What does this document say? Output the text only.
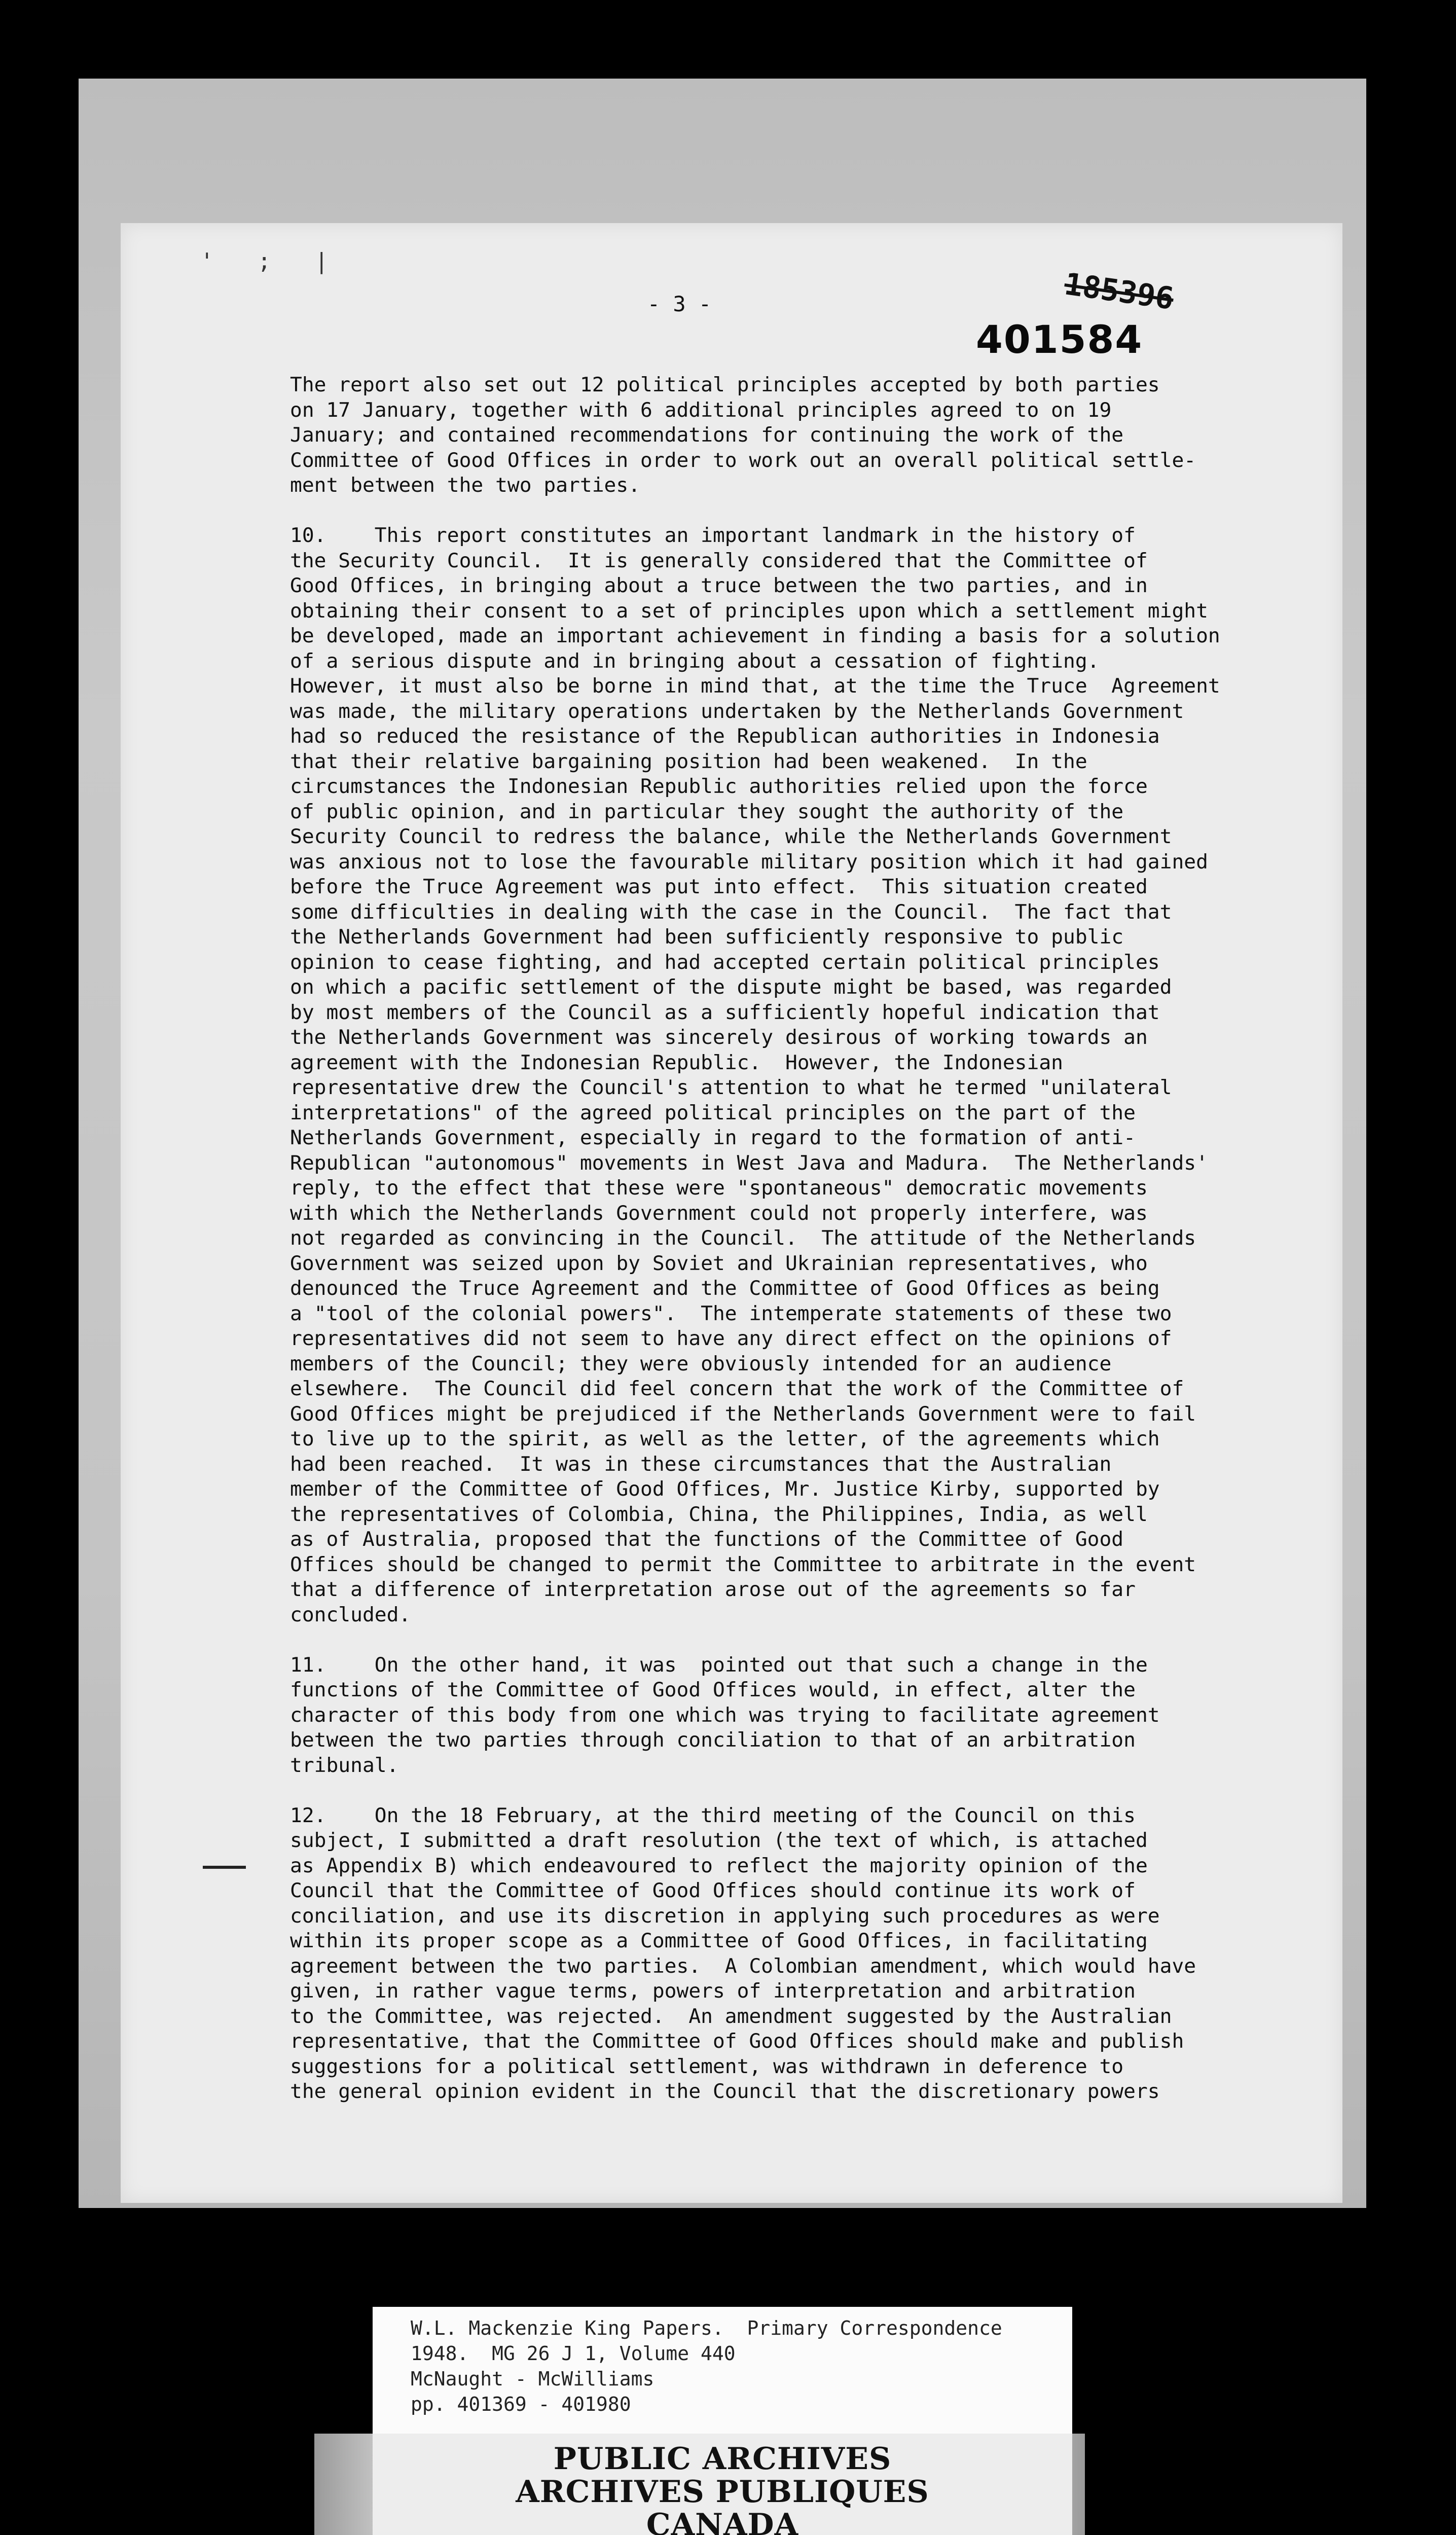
' ; |
- 3 -	185396
401584
The report also set out 12 political principles accepted by both parties
on 17 January, together with 6 additional principles agreed to on 19
January; and contained recommendations for continuing the work of the
Committee of Good Offices in order to work out an overall political settle-
ment between the two parties.
10.    This report constitutes an important landmark in the history of
the Security Council.  It is generally considered that the Committee of
Good Offices, in bringing about a truce between the two parties, and in
obtaining their consent to a set of principles upon which a settlement might
be developed, made an important achievement in finding a basis for a solution
of a serious dispute and in bringing about a cessation of fighting.
However, it must also be borne in mind that, at the time the Truce  Agreement
was made, the military operations undertaken by the Netherlands Government
had so reduced the resistance of the Republican authorities in Indonesia
that their relative bargaining position had been weakened.  In the
circumstances the Indonesian Republic authorities relied upon the force
of public opinion, and in particular they sought the authority of the
Security Council to redress the balance, while the Netherlands Government
was anxious not to lose the favourable military position which it had gained
before the Truce Agreement was put into effect.  This situation created
some difficulties in dealing with the case in the Council.  The fact that
the Netherlands Government had been sufficiently responsive to public
opinion to cease fighting, and had accepted certain political principles
on which a pacific settlement of the dispute might be based, was regarded
by most members of the Council as a sufficiently hopeful indication that
the Netherlands Government was sincerely desirous of working towards an
agreement with the Indonesian Republic.  However, the Indonesian
representative drew the Council's attention to what he termed "unilateral
interpretations" of the agreed political principles on the part of the
Netherlands Government, especially in regard to the formation of anti-
Republican "autonomous" movements in West Java and Madura.  The Netherlands'
reply, to the effect that these were "spontaneous" democratic movements
with which the Netherlands Government could not properly interfere, was
not regarded as convincing in the Council.  The attitude of the Netherlands
Government was seized upon by Soviet and Ukrainian representatives, who
denounced the Truce Agreement and the Committee of Good Offices as being
a "tool of the colonial powers".  The intemperate statements of these two
representatives did not seem to have any direct effect on the opinions of
members of the Council; they were obviously intended for an audience
elsewhere.  The Council did feel concern that the work of the Committee of
Good Offices might be prejudiced if the Netherlands Government were to fail
to live up to the spirit, as well as the letter, of the agreements which
had been reached.  It was in these circumstances that the Australian
member of the Committee of Good Offices, Mr. Justice Kirby, supported by
the representatives of Colombia, China, the Philippines, India, as well
as of Australia, proposed that the functions of the Committee of Good
Offices should be changed to permit the Committee to arbitrate in the event
that a difference of interpretation arose out of the agreements so far
concluded.
11.    On the other hand, it was  pointed out that such a change in the
functions of the Committee of Good Offices would, in effect, alter the
character of this body from one which was trying to facilitate agreement
between the two parties through conciliation to that of an arbitration
tribunal.
12.    On the 18 February, at the third meeting of the Council on this
subject, I submitted a draft resolution (the text of which, is attached
as Appendix B) which endeavoured to reflect the majority opinion of the
Council that the Committee of Good Offices should continue its work of
conciliation, and use its discretion in applying such procedures as were
within its proper scope as a Committee of Good Offices, in facilitating
agreement between the two parties.  A Colombian amendment, which would have
given, in rather vague terms, powers of interpretation and arbitration
to the Committee, was rejected.  An amendment suggested by the Australian
representative, that the Committee of Good Offices should make and publish
suggestions for a political settlement, was withdrawn in deference to
the general opinion evident in the Council that the discretionary powers
W.L. Mackenzie King Papers.  Primary Correspondence
1948.  MG 26 J 1, Volume 440
McNaught - McWilliams
pp. 401369 - 401980
PUBLIC ARCHIVES
ARCHIVES PUBLIQUES
CANADA
